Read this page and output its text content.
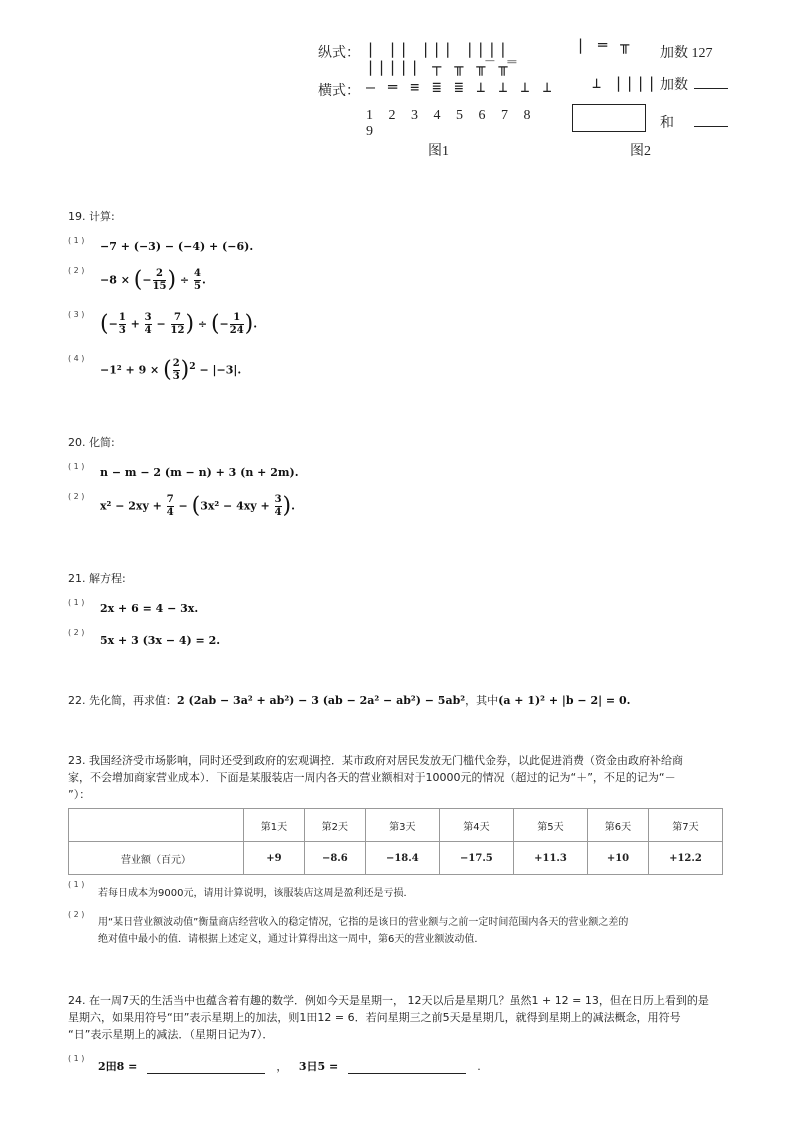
纵式： | || ||| |||| ||||| ┬ ╥ ╥̅ ╥̿
横式： — ═ ≡ ≣ ≣ ⊥ ⊥ ⊥ ⊥
1 2 3 4 5 6 7 8 9
图1
| ═ ╥ 加数 127
⊥ |||| 加数
和
图2
19. 计算:
( 1 ) −7 + (−3) − (−4) + (−6).
( 2 )
−8 × (− $\frac{2}{15}$ ) ÷ $\frac{4}{5}$ .
( 3 ) (− $\frac{1}{3} + \frac{3}{4} - \frac{7}{12}$ ) ÷ (− $\frac{1}{24}$ ).
( 4 )
−1² + 9 × ( $\frac{2}{3} )^2 - |-3|$.
20. 化简:
( 1 ) n − m − 2 (m − n) + 3 (n + 2m).
( 2 )
$x^2 - 2xy + \frac{7}{4} - (3x^2 - 4xy + \frac{3}{4}$ ).
21. 解方程:
( 1 ) 2x + 6 = 4 − 3x.
( 2 )
5x + 3 (3x − 4) = 2.
22. 先化简，再求值：2 (2ab − 3a² + ab²) − 3 (ab − 2a² − ab²) − 5ab²，其中(a + 1)² + |b − 2| = 0.
23. 我国经济受市场影响，同时还受到政府的宏观调控．某市政府对居民发放无门槛代金券，以此促进消费（资金由政府补给商
家，不会增加商家营业成本）．下面是某服装店一周内各天的营业额相对于10000元的情况（超过的记为“＋”，不足的记为“－
”）：
	第1天	第2天	第3天	第4天	第5天	第6天	第7天
营业额（百元）	+9	−8.6	−18.4	−17.5	+11.3	+10	+12.2
( 1 )
若每日成本为9000元，请用计算说明，该服装店这周是盈利还是亏损．
( 2 )
用“某日营业额波动值”衡量商店经营收入的稳定情况，它指的是该日的营业额与之前一定时间范围内各天的营业额之差的
绝对值中最小的值．请根据上述定义，通过计算得出这一周中，第6天的营业额波动值．
24. 在一周7天的生活当中也蕴含着有趣的数学．例如今天是星期一， 12天以后是星期几？虽然1 + 12 = 13，但在日历上看到的是
星期六，如果用符号“田”表示星期上的加法，则1田12 = 6．若问星期三之前5天是星期几，就得到星期上的减法概念，用符号
“日”表示星期上的减法．（星期日记为7）．
( 1 )
2田8 =	， 3日5 =	.
